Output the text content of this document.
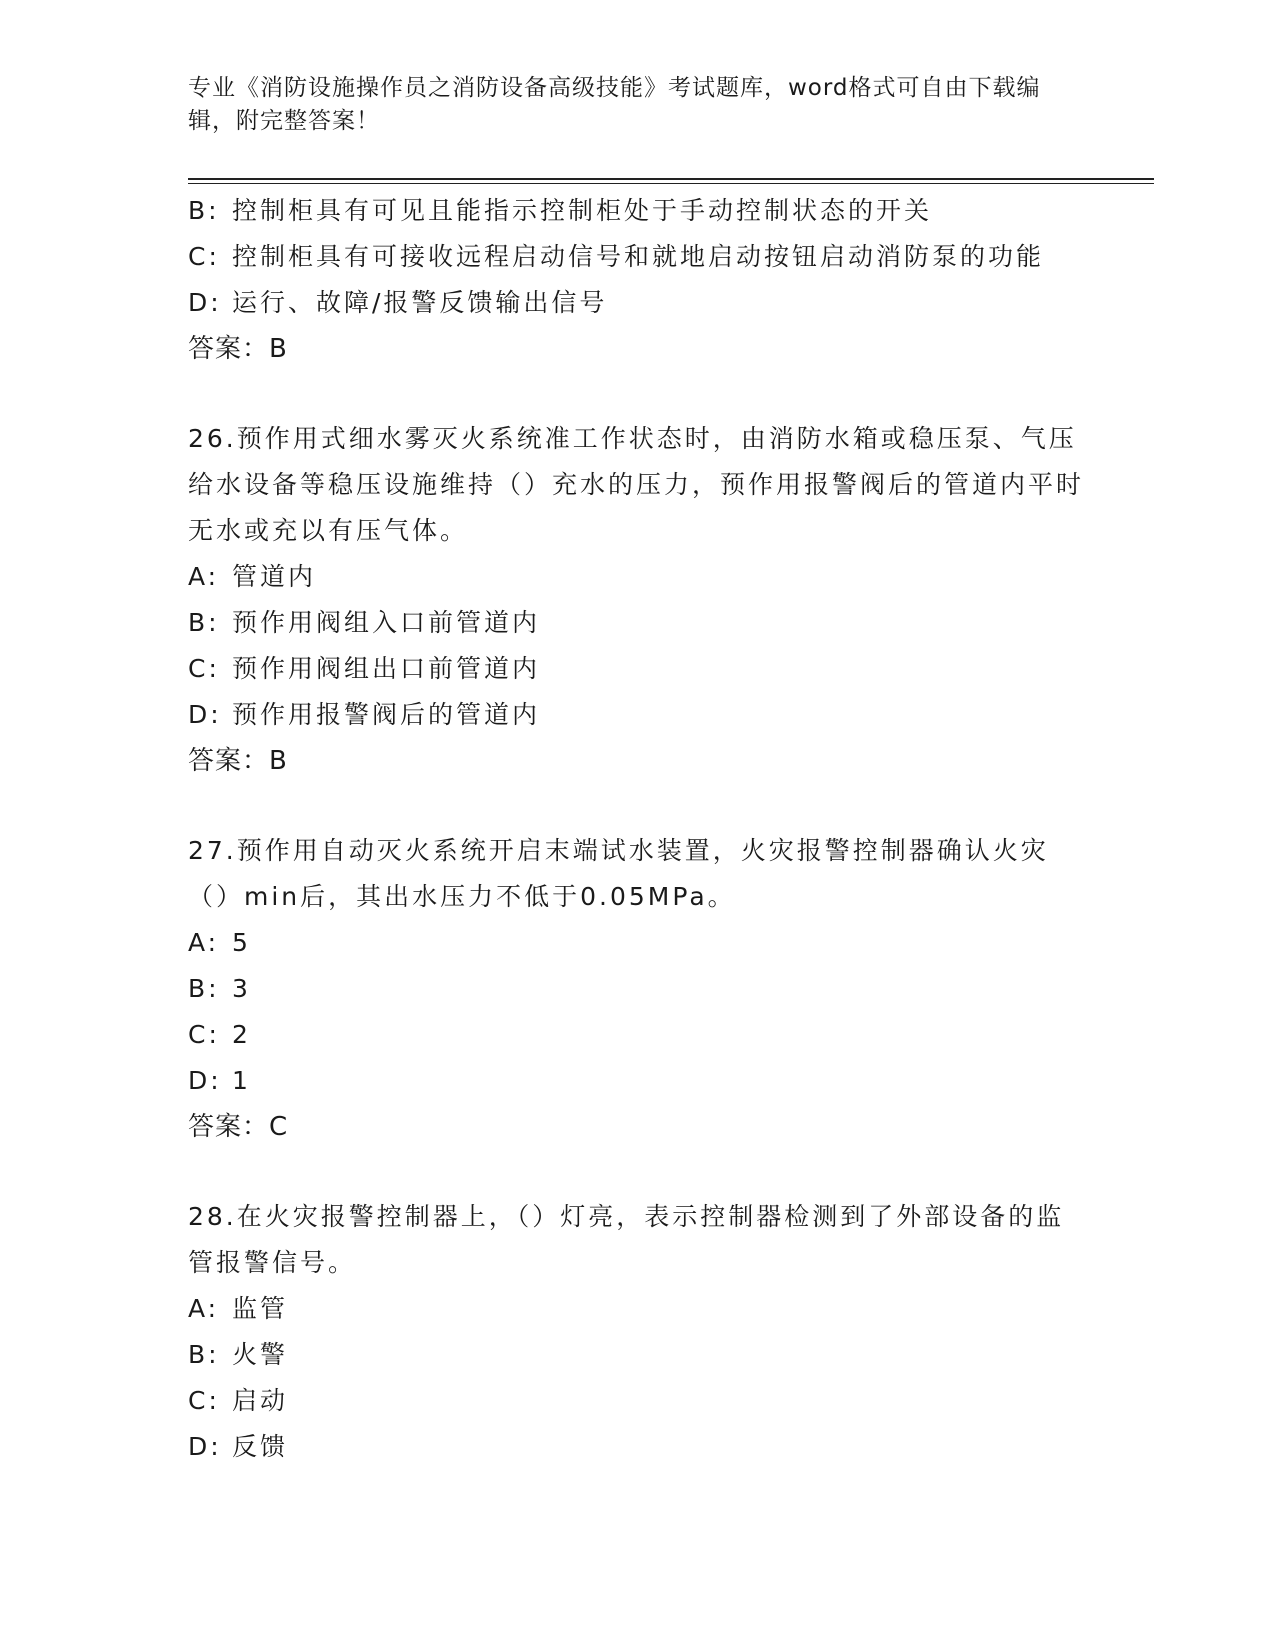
专业《消防设施操作员之消防设备高级技能》考试题库，word格式可自由下载编辑，附完整答案！
B: 控制柜具有可见且能指示控制柜处于手动控制状态的开关
C: 控制柜具有可接收远程启动信号和就地启动按钮启动消防泵的功能
D: 运行、故障/报警反馈输出信号
答案：B
26.预作用式细水雾灭火系统准工作状态时，由消防水箱或稳压泵、气压给水设备等稳压设施维持（）充水的压力，预作用报警阀后的管道内平时无水或充以有压气体。
A: 管道内
B: 预作用阀组入口前管道内
C: 预作用阀组出口前管道内
D: 预作用报警阀后的管道内
答案：B
27.预作用自动灭火系统开启末端试水装置，火灾报警控制器确认火灾（）min后，其出水压力不低于0.05MPa。
A: 5
B: 3
C: 2
D: 1
答案：C
28.在火灾报警控制器上，（）灯亮，表示控制器检测到了外部设备的监管报警信号。
A: 监管
B: 火警
C: 启动
D: 反馈
